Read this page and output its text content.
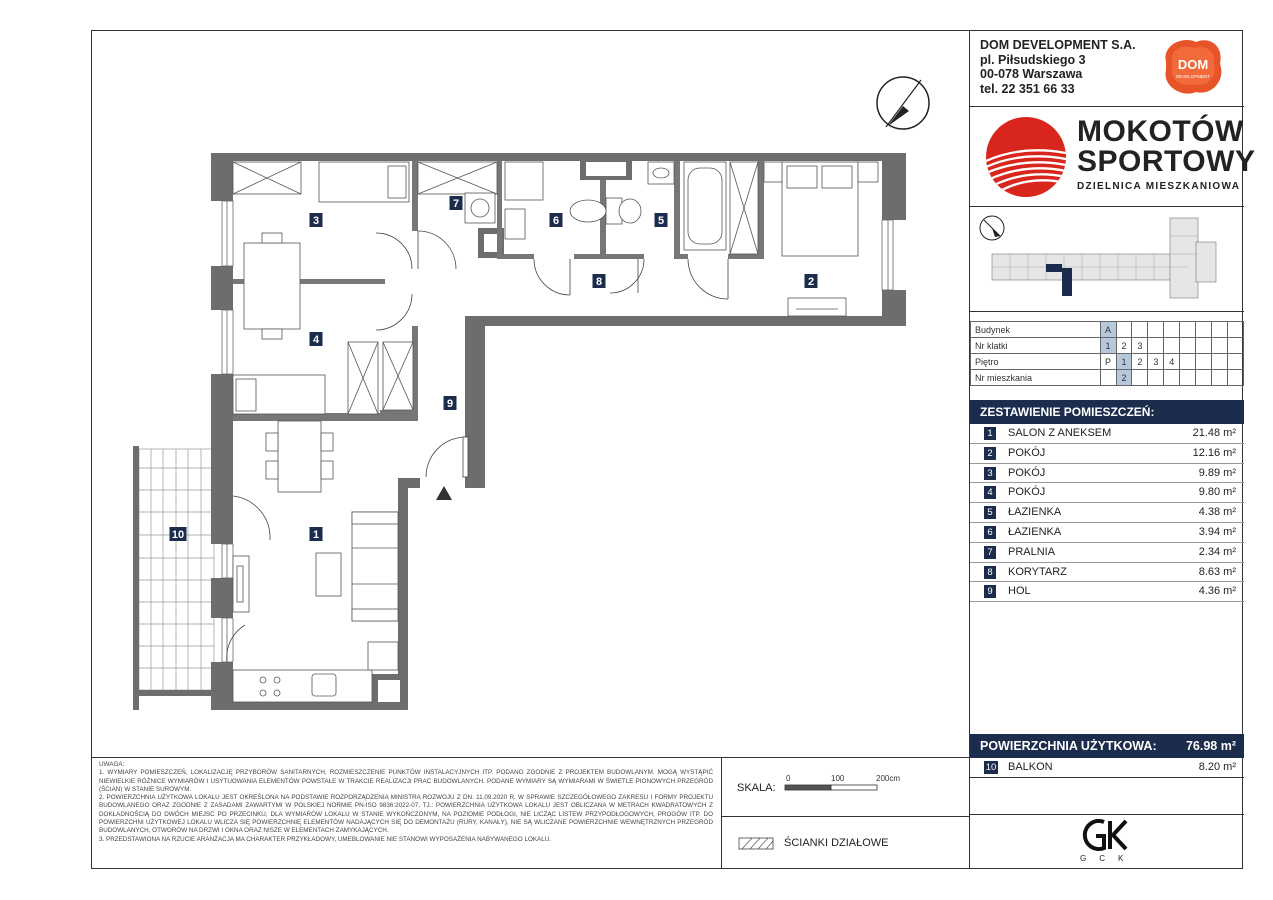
1
2
3
4
5
6
7
8
9
10
DOM DEVELOPMENT S.A.
pl. Piłsudskiego 3
00-078 Warszawa
tel. 22 351 66 33
DOM
DEVELOPMENT
MOKOTÓW
SPORTOWY
DZIELNICA MIESZKANIOWA
Budynek	A								
Nr klatki	1	2	3						
Piętro	P	1	2	3	4				
Nr mieszkania		2							
ZESTAWIENIE POMIESZCZEŃ:
1	SALON Z ANEKSEM	21.48 m²
2	POKÓJ	12.16 m²
3	POKÓJ	9.89 m²
4	POKÓJ	9.80 m²
5	ŁAZIENKA	4.38 m²
6	ŁAZIENKA	3.94 m²
7	PRALNIA	2.34 m²
8	KORYTARZ	8.63 m²
9	HOL	4.36 m²
POWIERZCHNIA UŻYTKOWA: 76.98 m²
10 BALKON	8.20 m²
GCK

UWAGA:

1. WYMIARY POMIESZCZEŃ, LOKALIZACJĘ PRZYBORÓW SANITARNYCH, ROZMIESZCZENIE PUNKTÓW INSTALACYJNYCH ITP. PODANO ZGODNIE Z PROJEKTEM BUDOWLANYM. MOGĄ WYSTĄPIĆ NIEWIELKIE RÓŻNICE WYMIARÓW I USYTUOWANIA ELEMENTÓW POWSTAŁE W TRAKCIE REALIZACJI PRAC BUDOWLANYCH. PODANE WYMIARY SĄ WYMIARAMI W ŚWIETLE PIONOWYCH PRZEGRÓD (ŚCIAN) W STANIE SUROWYM.

2. POWIERZCHNIA UŻYTKOWA LOKALU JEST OKREŚLONA NA PODSTAWIE ROZPORZĄDZENIA MINISTRA ROZWOJU Z DN. 11.09.2020 R. W SPRAWIE SZCZEGÓŁOWEGO ZAKRESU I FORMY PROJEKTU BUDOWLANEGO ORAZ ZGODNIE Z ZASADAMI ZAWARTYMI W POLSKIEJ NORMIE PN-ISO 9836:2022-07, TJ.: POWIERZCHNIA UŻYTKOWA LOKALU JEST OBLICZANA W METRACH KWADRATOWYCH Z DOKŁADNOŚCIĄ DO DWÓCH MIEJSC PO PRZECINKU, DLA WYMIARÓW LOKALU W STANIE WYKOŃCZONYM, NA POZIOMIE PODŁOGI, NIE LICZĄC LISTEW PRZYPODŁOGOWYCH, PROGÓW ITP. DO POWIERZCHNI UŻYTKOWEJ LOKALU WLICZA SIĘ POWIERZCHNIĘ ELEMENTÓW NADAJĄCYCH SIĘ DO DEMONTAŻU (RURY, KANAŁY), NIE SĄ WLICZANE POWIERZCHNIE WEWNĘTRZNYCH PRZEGRÓD BUDOWLANYCH, OTWORÓW NA DRZWI I OKNA ORAZ NISZE W ELEMENTACH ZAMYKAJĄCYCH.

3. PRZEDSTAWIONA NA RZUCIE ARANŻACJA MA CHARAKTER PRZYKŁADOWY, UMEBLOWANIE NIE STANOWI WYPOSAŻENIA NABYWANEGO LOKALU.

SKALA:
0	100	200cm
ŚCIANKI DZIAŁOWE
